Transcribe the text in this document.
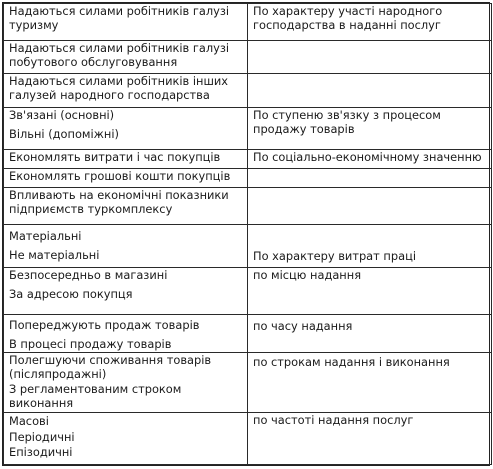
Надаються силами робітників галузі туризму	По характеру участі народного господарства в наданні послуг

Надаються силами робітників галузі побутового обслуговування	

Надаються силами робітників інших галузей народного господарства	

Зв'язані (основні)
Вільні (допоміжні)	По ступеню зв'язку з процесом продажу товарів

Економлять витрати і час покупців	По соціально-економічному значенню

Економлять грошові кошти покупців	

Впливають на економічні показники підприємств туркомплексу	

Матеріальні
Не матеріальні	По характеру витрат праці

Безпосередньо в магазині
За адресою покупця	по місцю надання

Попереджують продаж товарів
В процесі продажу товарів	по часу надання

Полегшуючи споживання товарів (післяпродажні)
З регламентованим строком виконання	по строкам надання і виконання

Масові
Періодичні
Епізодичні	по частоті надання послуг
